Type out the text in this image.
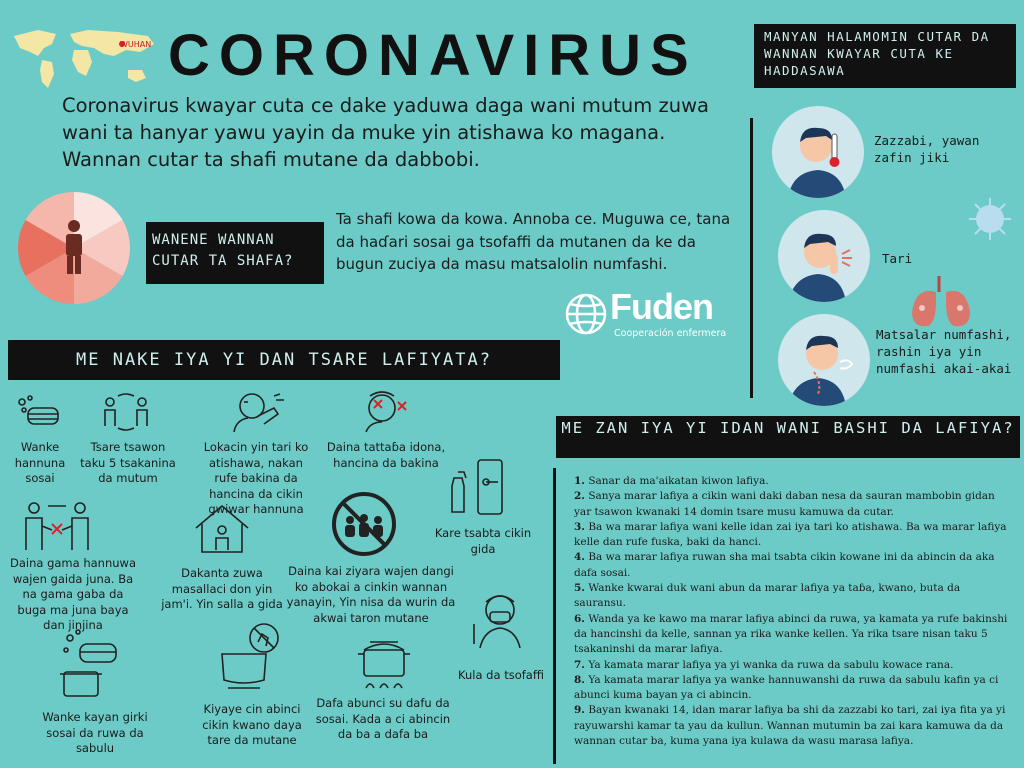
WUHAN CORONAVIRUS

Coronavirus kwayar cuta ce dake yaduwa daga wani mutum zuwa wani ta hanyar yawu yayin da muke yin atishawa ko magana. Wannan cutar ta shafi mutane da dabbobi.

WANENE WANNAN CUTAR TA SHAFA?

Ta shafi kowa da kowa. Annoba ce. Muguwa ce, tana da haɗari sosai ga tsofaffi da mutanen da ke da bugun zuciya da masu matsalolin numfashi.

Fuden
Cooperación enfermera
MANYAN HALAMOMIN CUTAR DA WANNAN KWAYAR CUTA KE HADDASAWA
Zazzabi, yawan zafin jiki
Tari
Matsalar numfashi, rashin iya yin numfashi akai-akai
ME NAKE IYA YI DAN TSARE LAFIYATA?
Wanke hannuna sosai
Tsare tsawon taku 5 tsakanina da mutum
Lokacin yin tari ko atishawa, nakan rufe bakina da hancina da cikin gwiwar hannuna
Daina tattaɓa idona, hancina da bakina
Kare tsabta cikin gida
Daina gama hannuwa wajen gaida juna. Ba na gama gaba da buga ma juna baya dan jinjina
Dakanta zuwa masallaci don yin jam'i. Yin salla a gida
Daina kai ziyara wajen dangi ko abokai a cinkin wannan yanayin, Yin nisa da wurin da akwai taron mutane
Kula da tsofaffi
Wanke kayan girki sosai da ruwa da sabulu
Kiyaye cin abinci cikin kwano daya tare da mutane
Dafa abunci su dafu da sosai. Kada a ci abincin da ba a dafa ba
ME ZAN IYA YI IDAN WANI BASHI DA LAFIYA?
1. Sanar da ma'aikatan kiwon lafiya.
2. Sanya marar lafiya a cikin wani daki daban nesa da sauran mambobin gidan yar tsawon kwanaki 14 domin tsare musu kamuwa da cutar.
3. Ba wa marar lafiya wani kelle idan zai iya tari ko atishawa. Ba wa marar lafiya kelle dan rufe fuska, baki da hanci.
4. Ba wa marar lafiya ruwan sha mai tsabta cikin kowane ini da abincin da aka dafa sosai.
5. Wanke kwarai duk wani abun da marar lafiya ya taɓa, kwano, buta da sauransu.
6. Wanda ya ke kawo ma marar lafiya abinci da ruwa, ya kamata ya rufe bakinshi da hancinshi da kelle, sannan ya rika wanke kellen. Ya rika tsare nisan taku 5 tsakaninshi da marar lafiya.
7. Ya kamata marar lafiya ya yi wanka da ruwa da sabulu kowace rana.
8. Ya kamata marar lafiya ya wanke hannuwanshi da ruwa da sabulu kafin ya ci abunci kuma bayan ya ci abincin.
9. Bayan kwanaki 14, idan marar lafiya ba shi da zazzabi ko tari, zai iya fita ya yi rayuwarshi kamar ta yau da kullun. Wannan mutumin ba zai kara kamuwa da da wannan cutar ba, kuma yana iya kulawa da wasu marasa lafiya.
